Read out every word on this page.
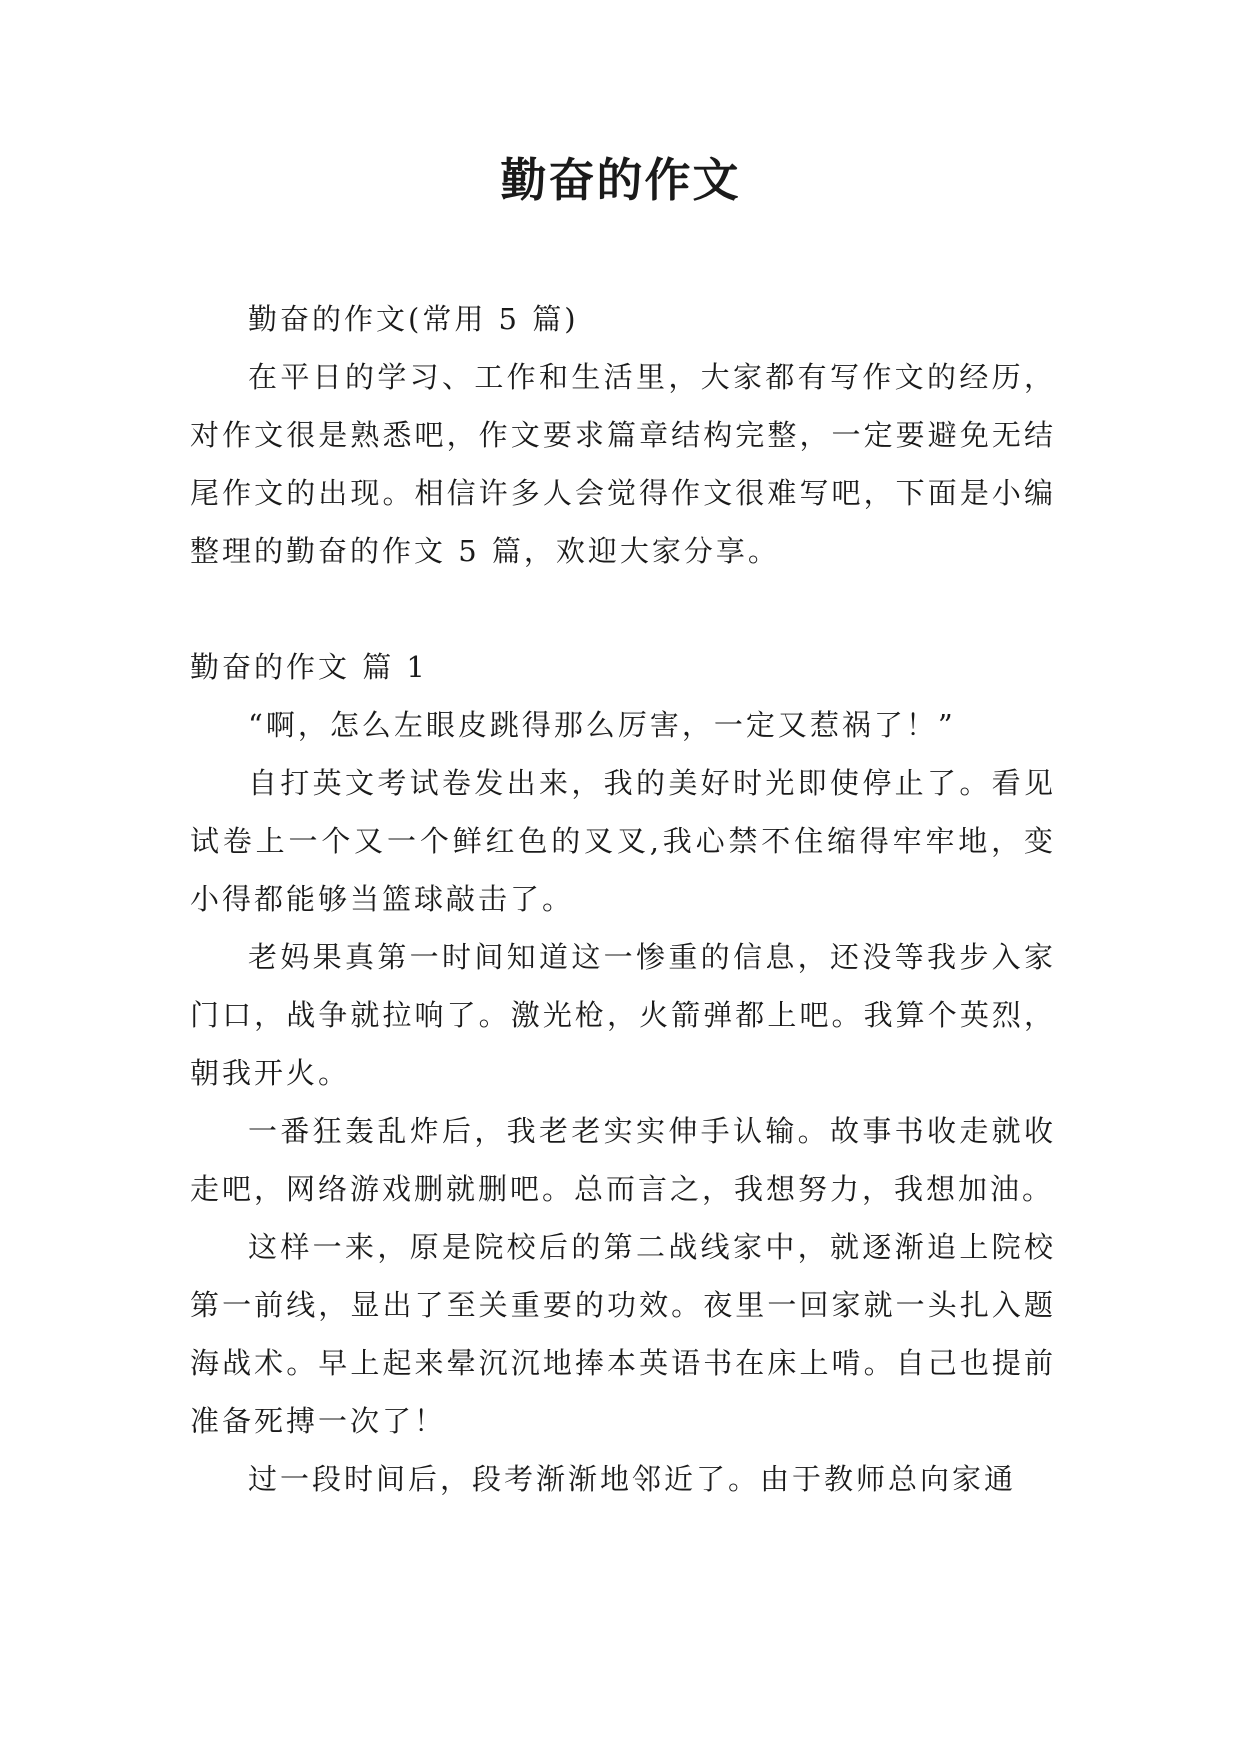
勤奋的作文

勤奋的作文(常用 5 篇)

在平日的学习、工作和生活里，大家都有写作文的经历，对作文很是熟悉吧，作文要求篇章结构完整，一定要避免无结尾作文的出现。相信许多人会觉得作文很难写吧，下面是小编整理的勤奋的作文 5 篇，欢迎大家分享。

勤奋的作文 篇 1

“啊，怎么左眼皮跳得那么厉害，一定又惹祸了！”

自打英文考试卷发出来，我的美好时光即使停止了。看见试卷上一个又一个鲜红色的叉叉,我心禁不住缩得牢牢地，变小得都能够当篮球敲击了。

老妈果真第一时间知道这一惨重的信息，还没等我步入家门口，战争就拉响了。激光枪，火箭弹都上吧。我算个英烈，朝我开火。

一番狂轰乱炸后，我老老实实伸手认输。故事书收走就收走吧，网络游戏删就删吧。总而言之，我想努力，我想加油。

这样一来，原是院校后的第二战线家中，就逐渐追上院校第一前线，显出了至关重要的功效。夜里一回家就一头扎入题海战术。早上起来晕沉沉地捧本英语书在床上啃。自己也提前准备死搏一次了！

过一段时间后，段考渐渐地邻近了。由于教师总向家通
